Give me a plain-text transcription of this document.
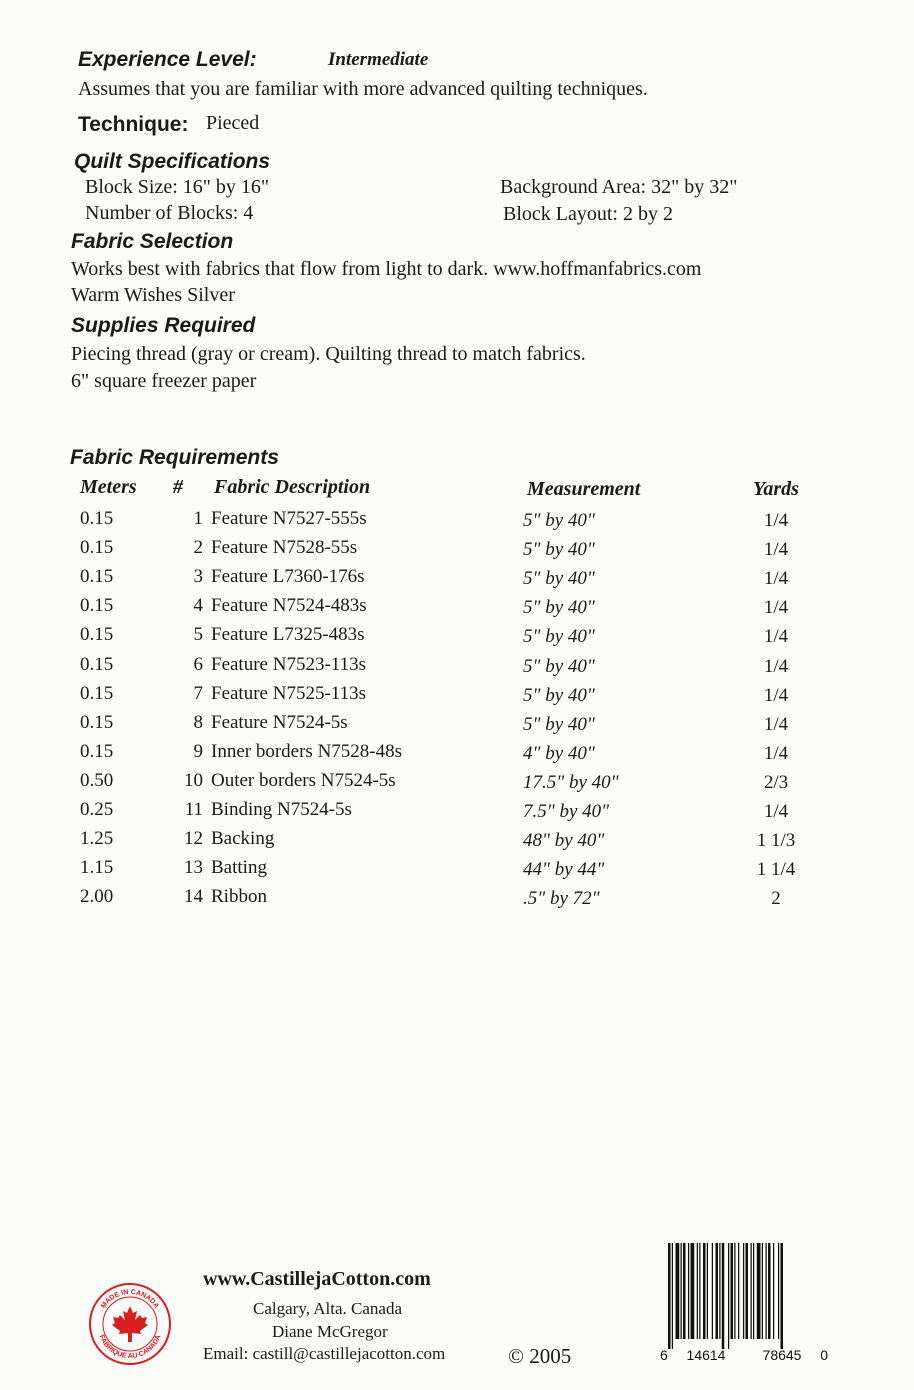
Experience Level:	Intermediate
Assumes that you are familiar with more advanced quilting techniques.
Technique: Pieced
Quilt Specifications
Block Size: 16" by 16"
Number of Blocks: 4
Background Area: 32" by 32"
Block Layout: 2 by 2
Fabric Selection
Works best with fabrics that flow from light to dark. www.hoffmanfabrics.com
Warm Wishes Silver
Supplies Required
Piecing thread (gray or cream). Quilting thread to match fabrics.
6" square freezer paper
Fabric Requirements
Meters # Fabric Description	Measurement	Yards
0.15	1 Feature N7527-555s	5" by 40"	1/4
0.15	2 Feature N7528-55s	5" by 40"	1/4
0.15	3 Feature L7360-176s	5" by 40"	1/4
0.15	4 Feature N7524-483s	5" by 40"	1/4
0.15	5 Feature L7325-483s	5" by 40"	1/4
0.15	6 Feature N7523-113s	5" by 40"	1/4
0.15	7 Feature N7525-113s	5" by 40"	1/4
0.15	8 Feature N7524-5s	5" by 40"	1/4
0.15	9 Inner borders N7528-48s	4" by 40"	1/4
0.50	10 Outer borders N7524-5s	17.5" by 40"	2/3
0.25	11 Binding N7524-5s	7.5" by 40"	1/4
1.25	12 Backing	48" by 40"	1 1/3
1.15	13 Batting	44" by 44"	1 1/4
2.00	14 Ribbon	.5" by 72"	2
MADE IN CANADA
FABRIQUE AU CANADA
www.CastillejaCotton.com
Calgary, Alta. Canada
Diane McGregor
Email: castill@castillejacotton.com	© 2005	6 14614	78645 0
